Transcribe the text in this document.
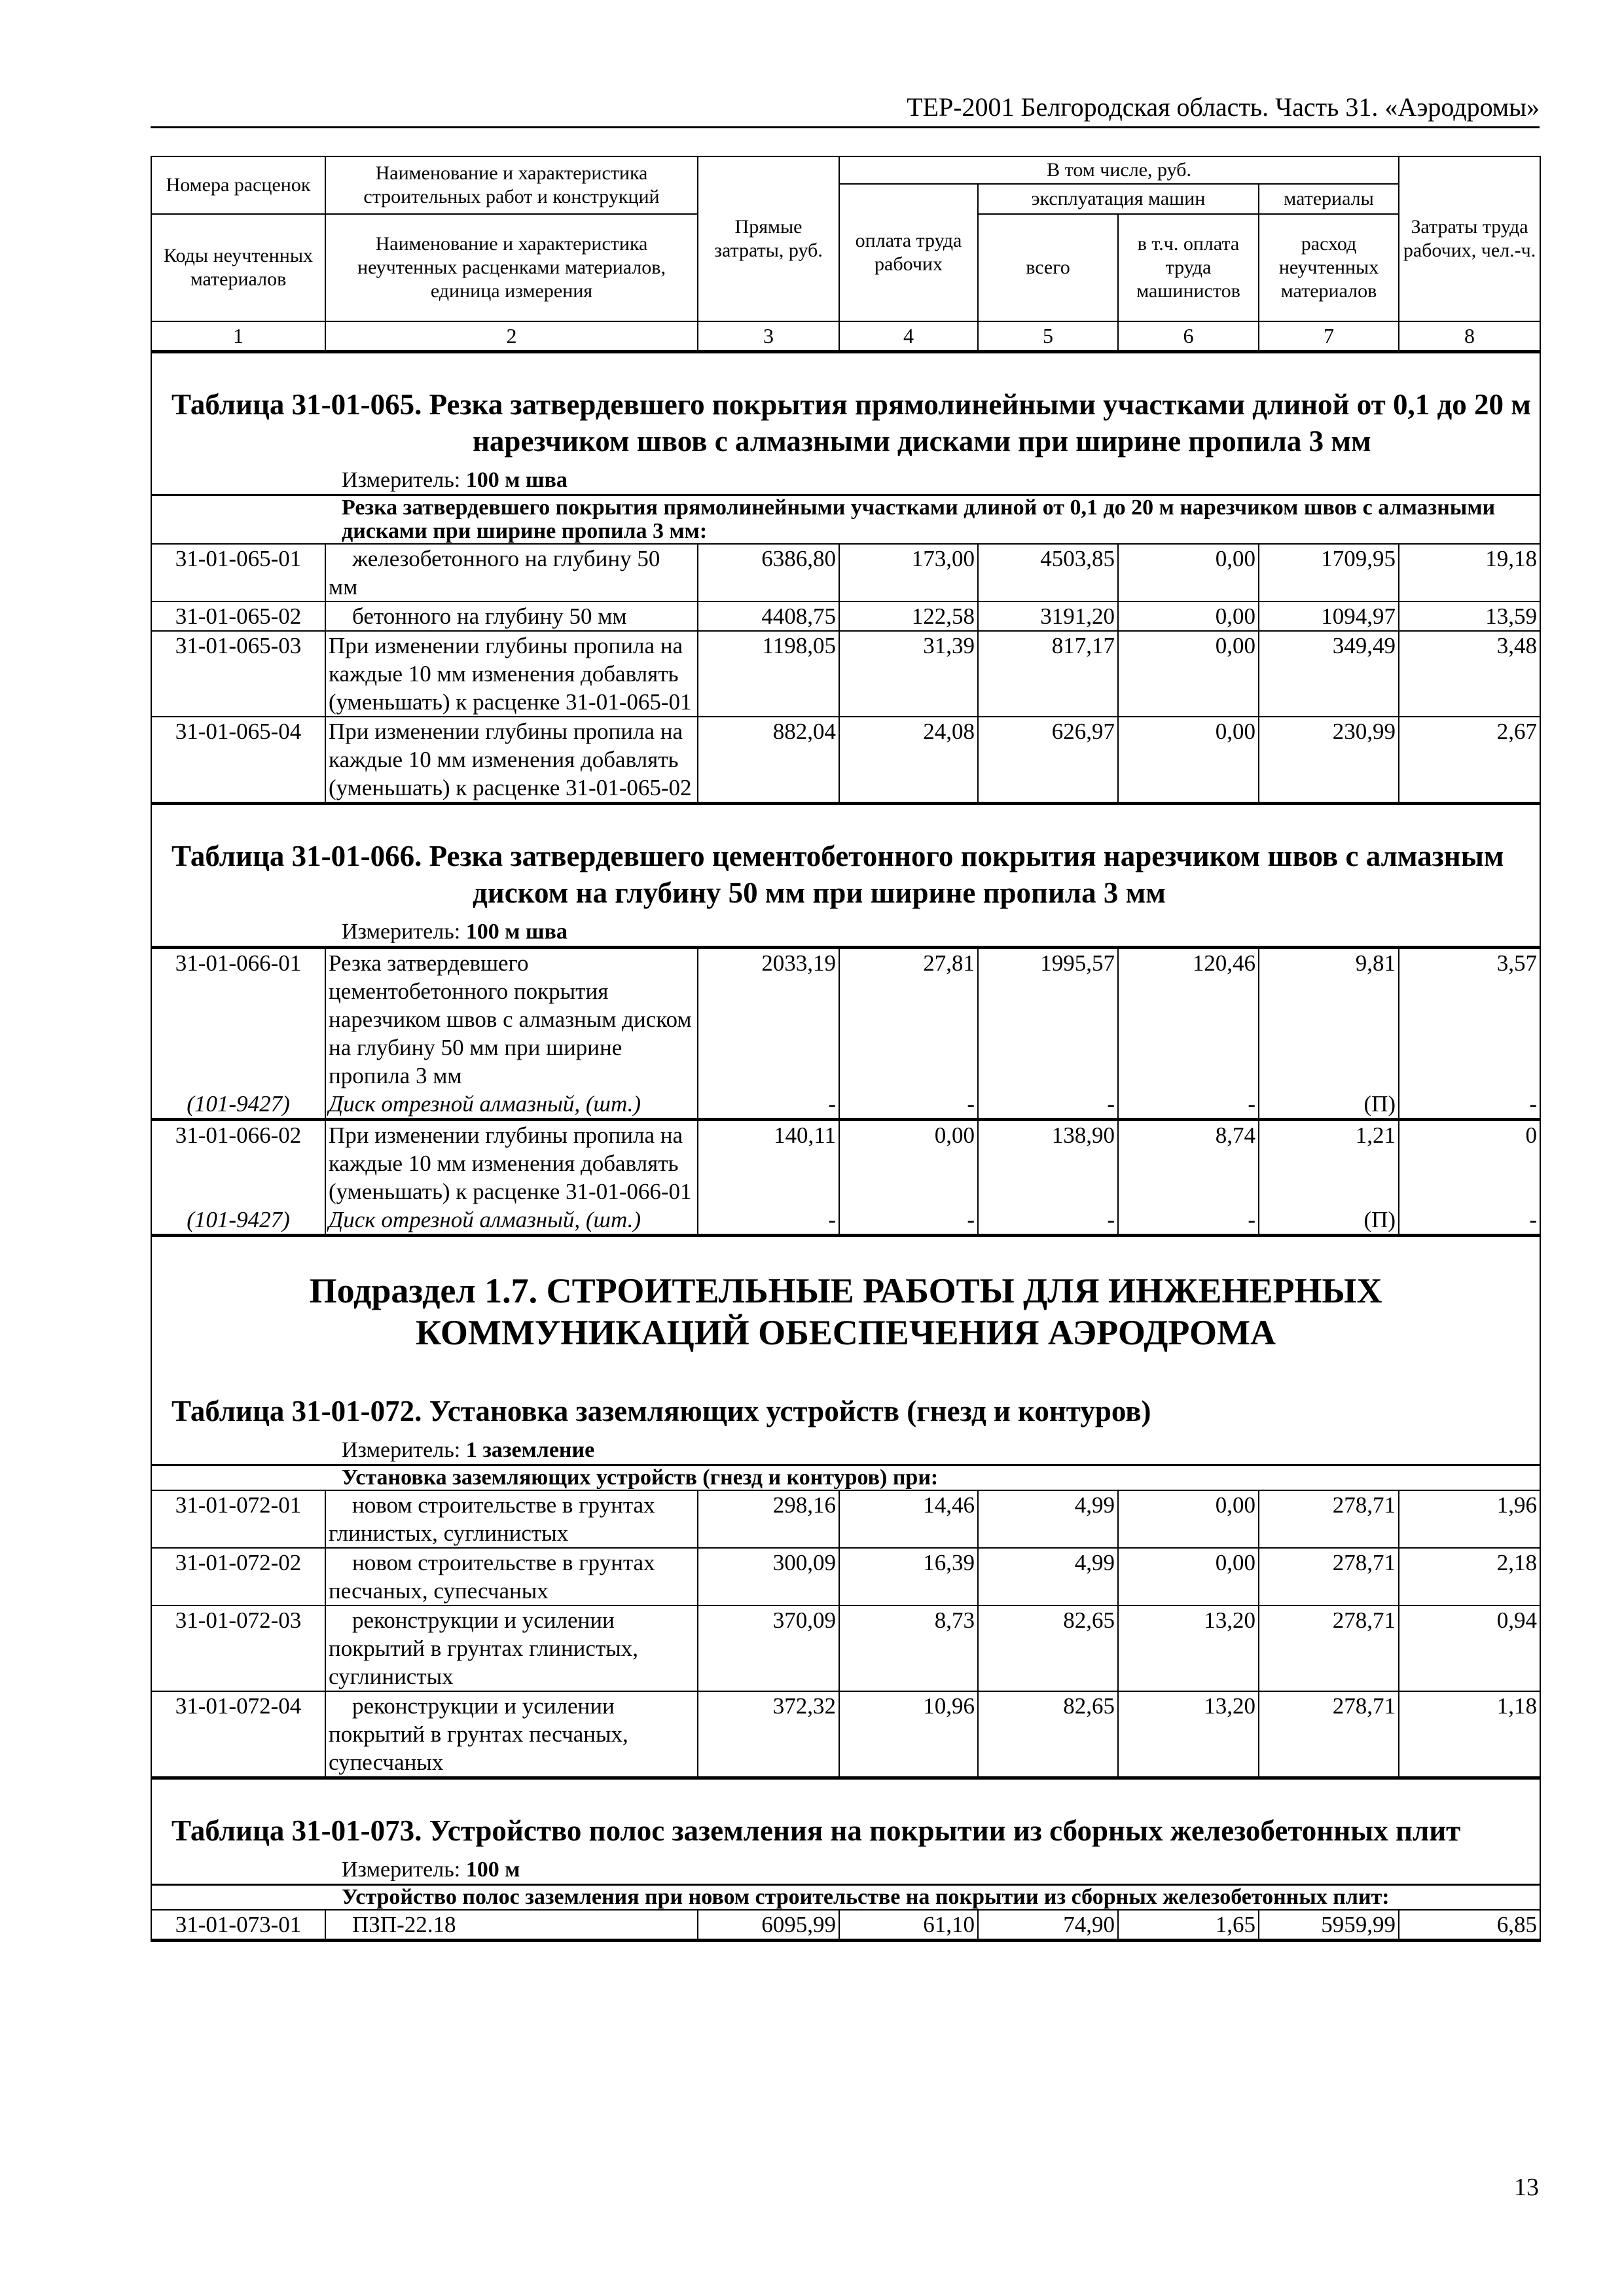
ТЕР-2001 Белгородская область. Часть 31. «Аэродромы»
Номера расценок	Наименование и характеристика строительных работ и конструкций	Прямые затраты, руб.	В том числе, руб.				Затраты труда рабочих, чел.-ч.
			оплата труда рабочих	эксплуатация машин		материалы	
Коды неучтенных материалов	Наименование и характеристика неучтенных расценками материалов, единица измерения			всего	в т.ч. оплата труда машинистов	расход неучтенных материалов	

1	2	3	4	5	6	7	8

Таблица 31-01-065. Резка затвердевшего покрытия прямолинейными участками длиной от 0,1 до 20 м нарезчиком швов с алмазными дисками при ширине пропила 3 мм							

Измеритель: 100 м шва							
Резка затвердевшего покрытия прямолинейными участками длиной от 0,1 до 20 м нарезчиком швов с алмазными дисками при ширине пропила 3 мм:							
31-01-065-01	железобетонного на глубину 50 мм	6386,80	173,00	4503,85	0,00	1709,95	19,18
31-01-065-02	бетонного на глубину 50 мм	4408,75	122,58	3191,20	0,00	1094,97	13,59
31-01-065-03	При изменении глубины пропила на каждые 10 мм изменения добавлять (уменьшать) к расценке 31-01-065-01	1198,05	31,39	817,17	0,00	349,49	3,48
31-01-065-04	При изменении глубины пропила на каждые 10 мм изменения добавлять (уменьшать) к расценке 31-01-065-02	882,04	24,08	626,97	0,00	230,99	2,67

Таблица 31-01-066. Резка затвердевшего цементобетонного покрытия нарезчиком швов с алмазным диском на глубину 50 мм при ширине пропила 3 мм							

Измеритель: 100 м шва							
31-01-066-01	Резка затвердевшего цементобетонного покрытия нарезчиком швов с алмазным диском на глубину 50 мм при ширине пропила 3 мм	2033,19	27,81	1995,57	120,46	9,81	3,57
(101-9427)	Диск отрезной алмазный, (шт.)	-	-	-	-	(П)	-
31-01-066-02	При изменении глубины пропила на каждые 10 мм изменения добавлять (уменьшать) к расценке 31-01-066-01	140,11	0,00	138,90	8,74	1,21	0
(101-9427)	Диск отрезной алмазный, (шт.)	-	-	-	-	(П)	-
Подраздел 1.7. СТРОИТЕЛЬНЫЕ РАБОТЫ ДЛЯ ИНЖЕНЕРНЫХ КОММУНИКАЦИЙ ОБЕСПЕЧЕНИЯ АЭРОДРОМА							

Таблица 31-01-072. Установка заземляющих устройств (гнезд и контуров)							

Измеритель: 1 заземление							
Установка заземляющих устройств (гнезд и контуров) при:							
31-01-072-01	новом строительстве в грунтах глинистых, суглинистых	298,16	14,46	4,99	0,00	278,71	1,96
31-01-072-02	новом строительстве в грунтах песчаных, супесчаных	300,09	16,39	4,99	0,00	278,71	2,18
31-01-072-03	реконструкции и усилении покрытий в грунтах глинистых, суглинистых	370,09	8,73	82,65	13,20	278,71	0,94
31-01-072-04	реконструкции и усилении покрытий в грунтах песчаных, супесчаных	372,32	10,96	82,65	13,20	278,71	1,18

Таблица 31-01-073. Устройство полос заземления на покрытии из сборных железобетонных плит							

Измеритель: 100 м							
Устройство полос заземления при новом строительстве на покрытии из сборных железобетонных плит:							
31-01-073-01	ПЗП-22.18	6095,99	61,10	74,90	1,65	5959,99	6,85
13
